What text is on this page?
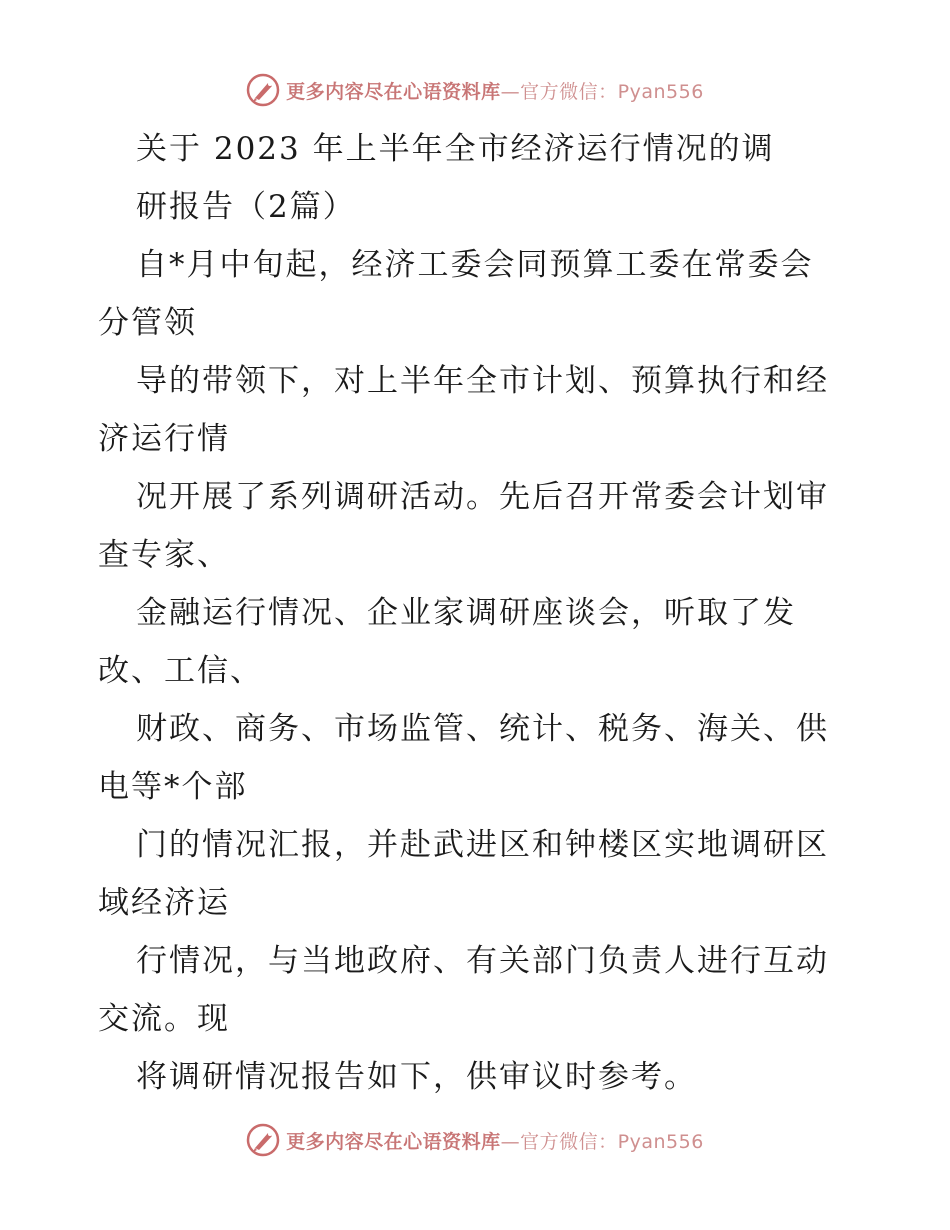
更多内容尽在心语资料库—官方微信：Pyan556
关于 2023 年上半年全市经济运行情况的调
研报告（2篇）
自*月中旬起，经济工委会同预算工委在常委会
分管领
导的带领下，对上半年全市计划、预算执行和经
济运行情
况开展了系列调研活动。先后召开常委会计划审
查专家、
金融运行情况、企业家调研座谈会，听取了发
改、工信、
财政、商务、市场监管、统计、税务、海关、供
电等*个部
门的情况汇报，并赴武进区和钟楼区实地调研区
域经济运
行情况，与当地政府、有关部门负责人进行互动
交流。现
将调研情况报告如下，供审议时参考。
更多内容尽在心语资料库—官方微信：Pyan556
